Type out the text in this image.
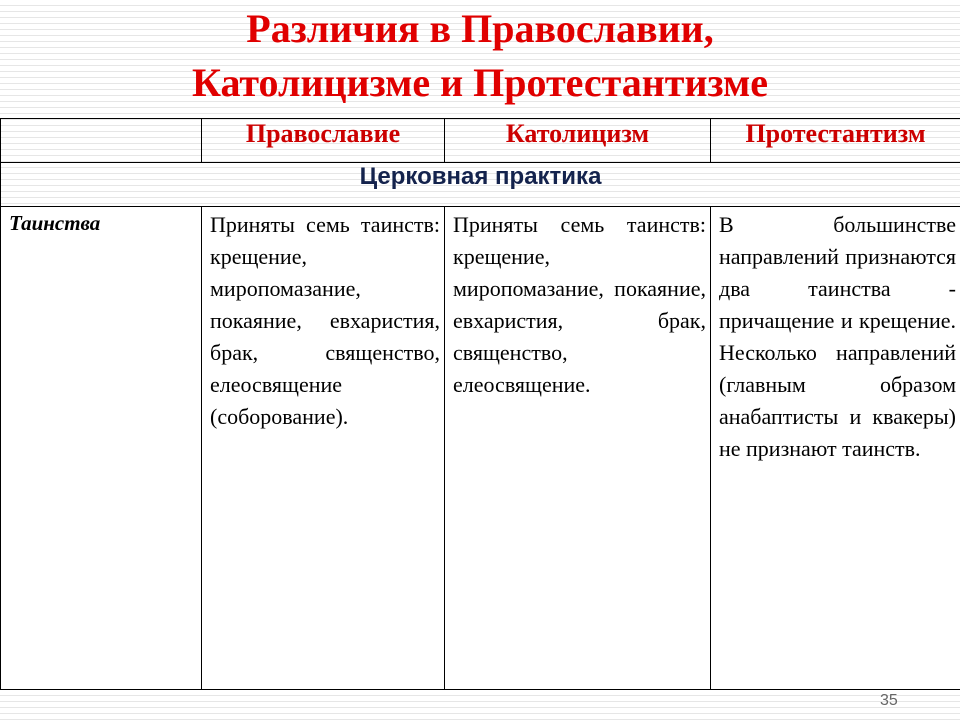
Различия в Православии,
Католицизме и Протестантизме
	Православие	Католицизм	Протестантизм
Церковная практика			
Таинства	Приняты семь таинств: крещение, миропомазание, покаяние, евхаристия, брак, священство, елеосвящение (соборование).	Приняты семь таинств: крещение, миропомазание, покаяние, евхаристия, брак, священство, елеосвящение.	В большинстве направлений признаются два таинства - причащение и крещение. Несколько направлений (главным образом анабаптисты и квакеры) не признают таинств.
35
